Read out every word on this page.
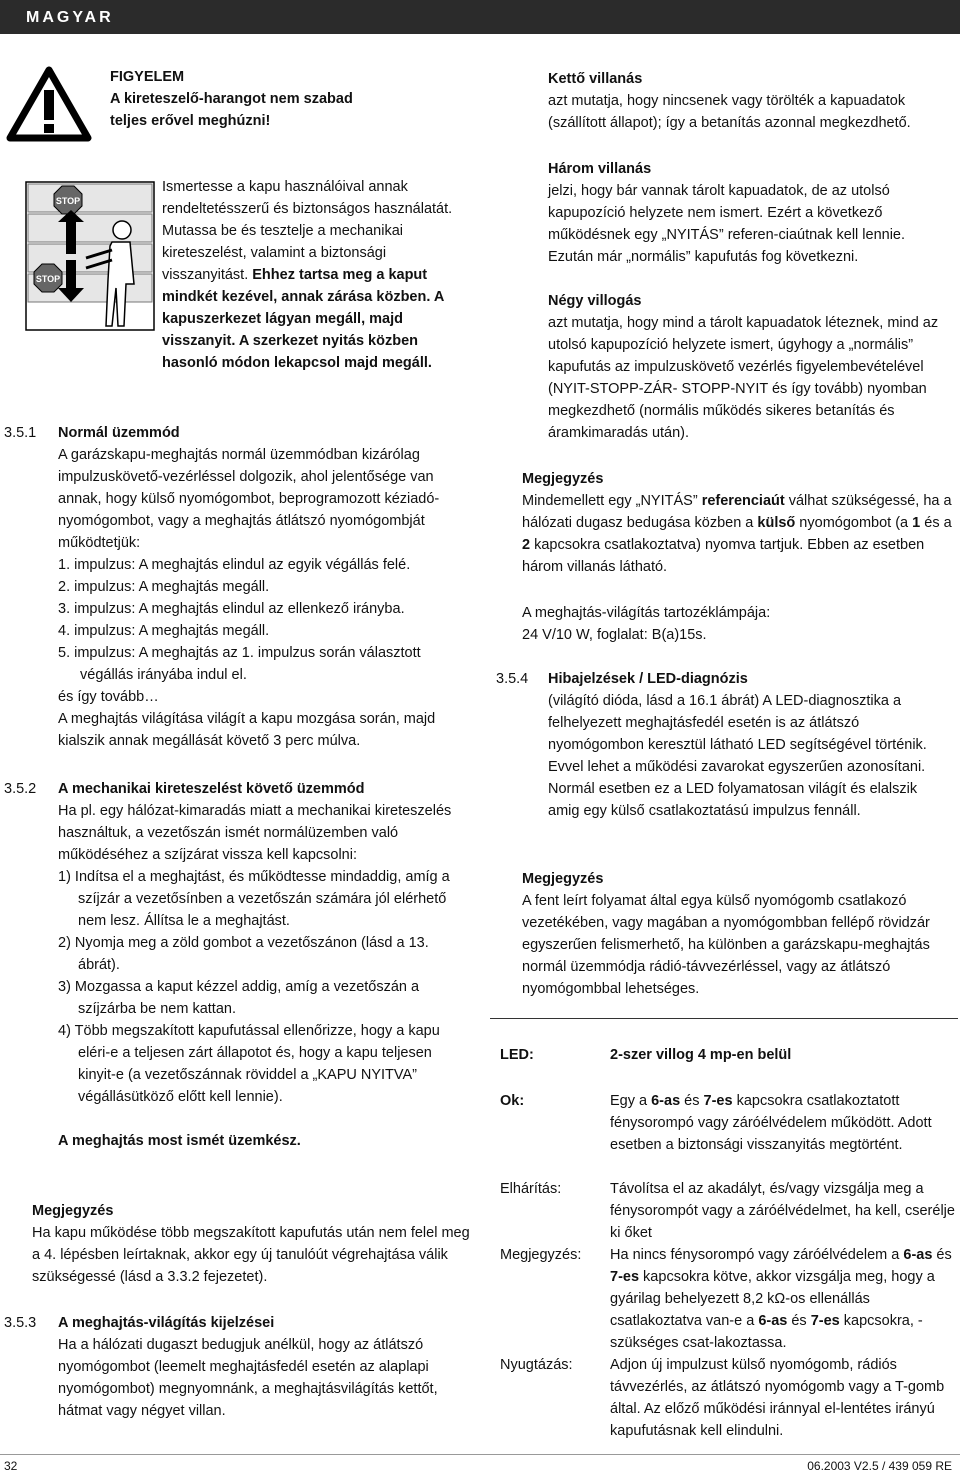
MAGYAR

FIGYELEM

A kireteszelő-harangot nem szabad

teljes erővel meghúzni!

STOP
STOP
Ismertesse a kapu használóival annak rendeltetésszerű és biztonságos használatát. Mutassa be és tesztelje a mechanikai kireteszelést, valamint a biztonsági visszanyitást. Ehhez tartsa meg a kaput mindkét kezével, annak zárása közben. A kapuszerkezet lágyan megáll, majd visszanyit. A szerkezet nyitás közben hasonló módon lekapcsol majd megáll.
3.5.1 Normál üzemmód

A garázskapu-meghajtás normál üzemmódban kizárólag impulzuskövető-vezérléssel dolgozik, ahol jelentősége van annak, hogy külső nyomógombot, beprogramozott kéziadó-nyomógombot, vagy a meghajtás átlátszó nyomógombját működtetjük:

1. impulzus: A meghajtás elindul az egyik végállás felé.

2. impulzus: A meghajtás megáll.

3. impulzus: A meghajtás elindul az ellenkező irányba.

4. impulzus: A meghajtás megáll.

5. impulzus: A meghajtás az 1. impulzus során választott végállás irányába indul el.

és így tovább…

A meghajtás világítása világít a kapu mozgása során, majd kialszik annak megállását követő 3 perc múlva.

3.5.2 A mechanikai kireteszelést követő üzemmód

Ha pl. egy hálózat-kimaradás miatt a mechanikai kireteszelés használtuk, a vezetőszán ismét normálüzemben való működéséhez a szíjzárat vissza kell kapcsolni:

1) Indítsa el a meghajtást, és működtesse mindaddig, amíg a szíjzár a vezetősínben a vezetőszán számára jól elérhető nem lesz. Állítsa le a meghajtást.

2) Nyomja meg a zöld gombot a vezetőszánon (lásd a 13. ábrát).

3) Mozgassa a kaput kézzel addig, amíg a vezetőszán a szíjzárba be nem kattan.

4) Több megszakított kapufutással ellenőrizze, hogy a kapu eléri-e a teljesen zárt állapotot és, hogy a kapu teljesen kinyit-e (a vezetőszánnak röviddel a „KAPU NYITVA” végállásütköző előtt kell lennie).

A meghajtás most ismét üzemkész.

Megjegyzés

Ha kapu működése több megszakított kapufutás után nem felel meg a 4. lépésben leírtaknak, akkor egy új tanulóút végrehajtása válik szükségessé (lásd a 3.3.2 fejezetet).

3.5.3 A meghajtás-világítás kijelzései

Ha a hálózati dugaszt bedugjuk anélkül, hogy az átlátszó nyomógombot (leemelt meghajtásfedél esetén az alaplapi nyomógombot) megnyomnánk, a meghajtásvilágítás kettőt, hátmat vagy négyet villan.

Kettő villanás

azt mutatja, hogy nincsenek vagy törölték a kapuadatok (szállított állapot); így a betanítás azonnal megkezdhető.

Három villanás

jelzi, hogy bár vannak tárolt kapuadatok, de az utolsó kapupozíció helyzete nem ismert. Ezért a következő működésnek egy „NYITÁS” referen-ciaútnak kell lennie. Ezután már „normális” kapufutás fog következni.

Négy villogás

azt mutatja, hogy mind a tárolt kapuadatok léteznek, mind az utolsó kapupozíció helyzete ismert, úgyhogy a „normális” kapufutás az impulzuskövető vezérlés figyelembevételével (NYIT-STOPP-ZÁR- STOPP-NYIT és így tovább) nyomban megkezdhető (normális működés sikeres betanítás és áramkimaradás után).

Megjegyzés

Mindemellett egy „NYITÁS” referenciaút válhat szükségessé, ha a hálózati dugasz bedugása közben a külső nyomógombot (a 1 és a 2 kapcsokra csatlakoztatva) nyomva tartjuk. Ebben az esetben három villanás látható.

A meghajtás-világítás tartozéklámpája:

24 V/10 W, foglalat: B(a)15s.

3.5.4 Hibajelzések / LED-diagnózis

(világító dióda, lásd a 16.1 ábrát) A LED-diagnosztika a felhelyezett meghajtásfedél esetén is az átlátszó nyomógombon keresztül látható LED segítségével történik. Evvel lehet a működési zavarokat egyszerűen azonosítani. Normál esetben ez a LED folyamatosan világít és elalszik amig egy külső csatlakoztatású impulzus fennáll.

Megjegyzés

A fent leírt folyamat által egya külső nyomógomb csatlakozó vezetékében, vagy magában a nyomógombban fellépő rövidzár egyszerűen felismerhető, ha különben a garázskapu-meghajtás normál üzemmódja rádió-távvezérléssel, vagy az átlátszó nyomógombbal lehetséges.

LED:	2-szer villog 4 mp-en belül
Ok:	Egy a 6-as és 7-es kapcsokra csatlakoztatott fénysorompó vagy záróélvédelem működött. Adott esetben a biztonsági visszanyitás megtörtént.

Elhárítás:	Távolítsa el az akadályt, és/vagy vizsgálja meg a fénysorompót vagy a záróélvédelmet, ha kell, cserélje ki őket

Megjegyzés: Ha nincs fénysorompó vagy záróélvédelem a 6-as és 7-es kapcsokra kötve, akkor vizsgálja meg, hogy a gyárilag behelyezett 8,2 kΩ-os ellenállás csatlakoztatva van-e a 6-as és 7-es kapcsokra, - szükséges csat-lakoztassa.

Nyugtázás:	Adjon új impulzust külső nyomógomb, rádiós távvezérlés, az átlátszó nyomógomb vagy a T-gomb által. Az előző működési iránnyal el-lentétes irányú kapufutásnak kell elindulni.

32	06.2003 V2.5 / 439 059 RE
